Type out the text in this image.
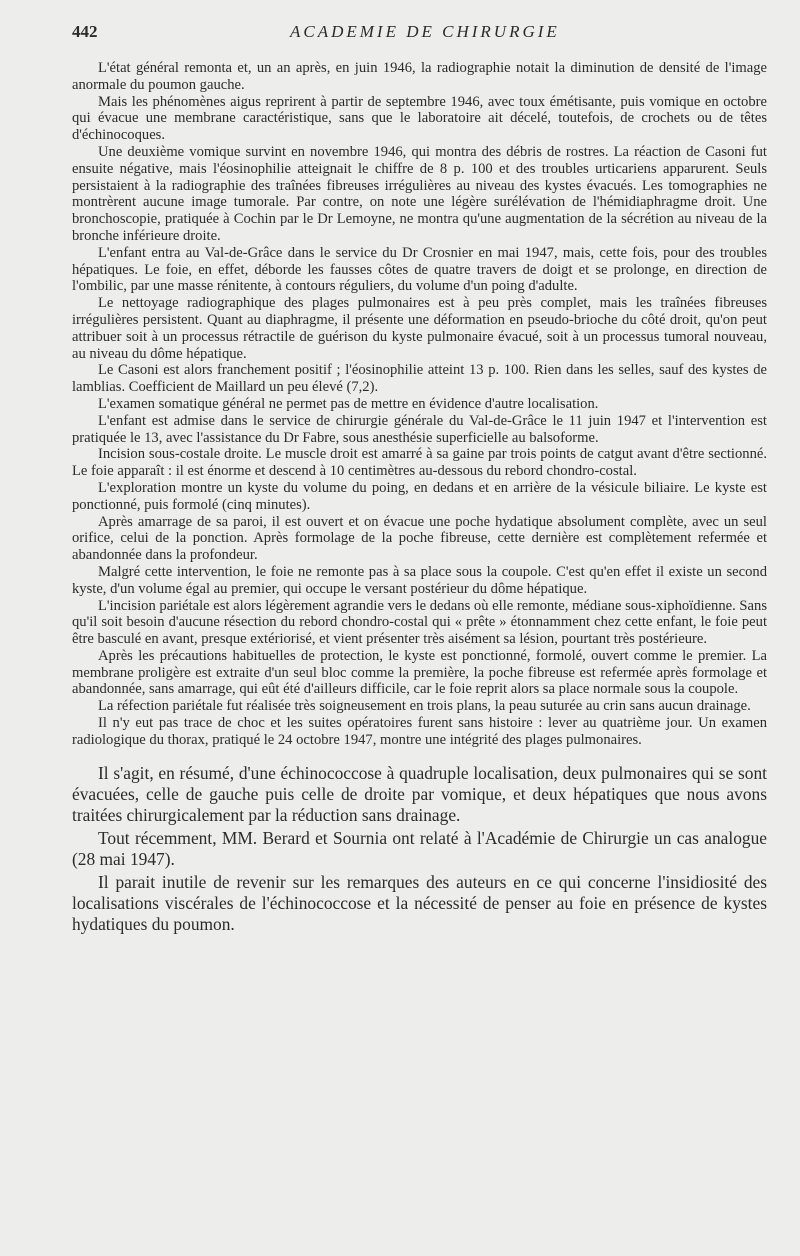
442	ACADEMIE DE CHIRURGIE

L'état général remonta et, un an après, en juin 1946, la radiographie notait la diminution de densité de l'image anormale du poumon gauche.

Mais les phénomènes aigus reprirent à partir de septembre 1946, avec toux émétisante, puis vomique en octobre qui évacue une membrane caractéristique, sans que le laboratoire ait décelé, toutefois, de crochets ou de têtes d'échinocoques.

Une deuxième vomique survint en novembre 1946, qui montra des débris de rostres. La réaction de Casoni fut ensuite négative, mais l'éosinophilie atteignait le chiffre de 8 p. 100 et des troubles urticariens apparurent. Seuls persistaient à la radiographie des traînées fibreuses irrégulières au niveau des kystes évacués. Les tomographies ne montrèrent aucune image tumorale. Par contre, on note une légère surélévation de l'hémidiaphragme droit. Une bronchoscopie, pratiquée à Cochin par le Dr Lemoyne, ne montra qu'une augmentation de la sécrétion au niveau de la bronche inférieure droite.

L'enfant entra au Val-de-Grâce dans le service du Dr Crosnier en mai 1947, mais, cette fois, pour des troubles hépatiques. Le foie, en effet, déborde les fausses côtes de quatre travers de doigt et se prolonge, en direction de l'ombilic, par une masse rénitente, à contours réguliers, du volume d'un poing d'adulte.

Le nettoyage radiographique des plages pulmonaires est à peu près complet, mais les traînées fibreuses irrégulières persistent. Quant au diaphragme, il présente une déformation en pseudo-brioche du côté droit, qu'on peut attribuer soit à un processus rétractile de guérison du kyste pulmonaire évacué, soit à un processus tumoral nouveau, au niveau du dôme hépatique.

Le Casoni est alors franchement positif ; l'éosinophilie atteint 13 p. 100. Rien dans les selles, sauf des kystes de lamblias. Coefficient de Maillard un peu élevé (7,2).

L'examen somatique général ne permet pas de mettre en évidence d'autre localisation.

L'enfant est admise dans le service de chirurgie générale du Val-de-Grâce le 11 juin 1947 et l'intervention est pratiquée le 13, avec l'assistance du Dr Fabre, sous anesthésie superficielle au balsoforme.

Incision sous-costale droite. Le muscle droit est amarré à sa gaine par trois points de catgut avant d'être sectionné. Le foie apparaît : il est énorme et descend à 10 centimètres au-dessous du rebord chondro-costal.

L'exploration montre un kyste du volume du poing, en dedans et en arrière de la vésicule biliaire. Le kyste est ponctionné, puis formolé (cinq minutes).

Après amarrage de sa paroi, il est ouvert et on évacue une poche hydatique absolument complète, avec un seul orifice, celui de la ponction. Après formolage de la poche fibreuse, cette dernière est complètement refermée et abandonnée dans la profondeur.

Malgré cette intervention, le foie ne remonte pas à sa place sous la coupole. C'est qu'en effet il existe un second kyste, d'un volume égal au premier, qui occupe le versant postérieur du dôme hépatique.

L'incision pariétale est alors légèrement agrandie vers le dedans où elle remonte, médiane sous-xiphoïdienne. Sans qu'il soit besoin d'aucune résection du rebord chondro-costal qui « prête » étonnamment chez cette enfant, le foie peut être basculé en avant, presque extériorisé, et vient présenter très aisément sa lésion, pourtant très postérieure.

Après les précautions habituelles de protection, le kyste est ponctionné, formolé, ouvert comme le premier. La membrane proligère est extraite d'un seul bloc comme la première, la poche fibreuse est refermée après formolage et abandonnée, sans amarrage, qui eût été d'ailleurs difficile, car le foie reprit alors sa place normale sous la coupole.

La réfection pariétale fut réalisée très soigneusement en trois plans, la peau suturée au crin sans aucun drainage.

Il n'y eut pas trace de choc et les suites opératoires furent sans histoire : lever au quatrième jour. Un examen radiologique du thorax, pratiqué le 24 octobre 1947, montre une intégrité des plages pulmonaires.

Il s'agit, en résumé, d'une échinococcose à quadruple localisation, deux pulmonaires qui se sont évacuées, celle de gauche puis celle de droite par vomique, et deux hépatiques que nous avons traitées chirurgicalement par la réduction sans drainage.

Tout récemment, MM. Berard et Sournia ont relaté à l'Académie de Chirurgie un cas analogue (28 mai 1947).

Il parait inutile de revenir sur les remarques des auteurs en ce qui concerne l'insidiosité des localisations viscérales de l'échinococcose et la nécessité de penser au foie en présence de kystes hydatiques du poumon.
